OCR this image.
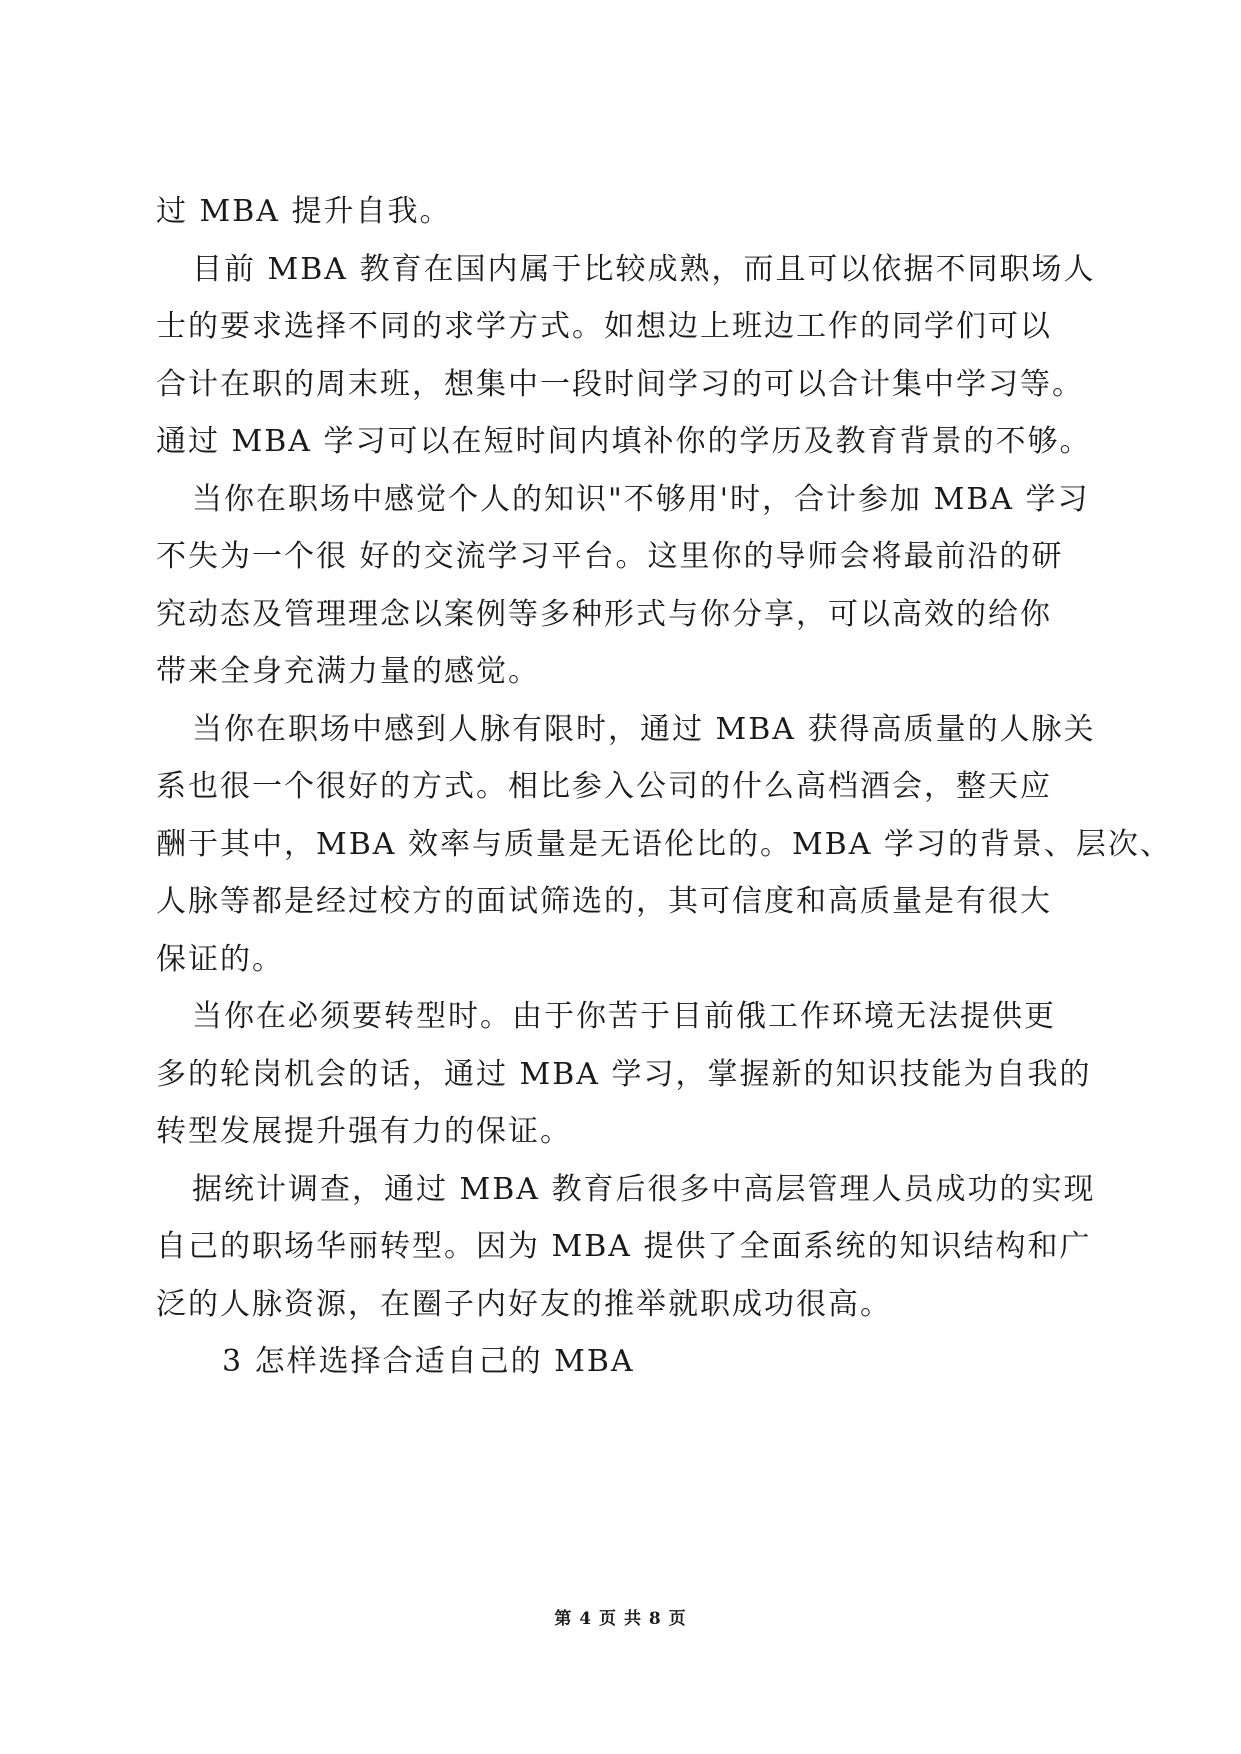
过 MBA 提升自我。
目前 MBA 教育在国内属于比较成熟，而且可以依据不同职场人
士的要求选择不同的求学方式。如想边上班边工作的同学们可以
合计在职的周末班，想集中一段时间学习的可以合计集中学习等。
通过 MBA 学习可以在短时间内填补你的学历及教育背景的不够。
当你在职场中感觉个人的知识"不够用'时，合计参加 MBA 学习
不失为一个很 好的交流学习平台。这里你的导师会将最前沿的研
究动态及管理理念以案例等多种形式与你分享，可以高效的给你
带来全身充满力量的感觉。
当你在职场中感到人脉有限时，通过 MBA 获得高质量的人脉关
系也很一个很好的方式。相比参入公司的什么高档酒会，整天应
酬于其中，MBA 效率与质量是无语伦比的。MBA 学习的背景、层次、
人脉等都是经过校方的面试筛选的，其可信度和高质量是有很大
保证的。
当你在必须要转型时。由于你苦于目前俄工作环境无法提供更
多的轮岗机会的话，通过 MBA 学习，掌握新的知识技能为自我的
转型发展提升强有力的保证。
据统计调查，通过 MBA 教育后很多中高层管理人员成功的实现
自己的职场华丽转型。因为 MBA 提供了全面系统的知识结构和广
泛的人脉资源，在圈子内好友的推举就职成功很高。
3 怎样选择合适自己的 MBA
第 4 页 共 8 页
